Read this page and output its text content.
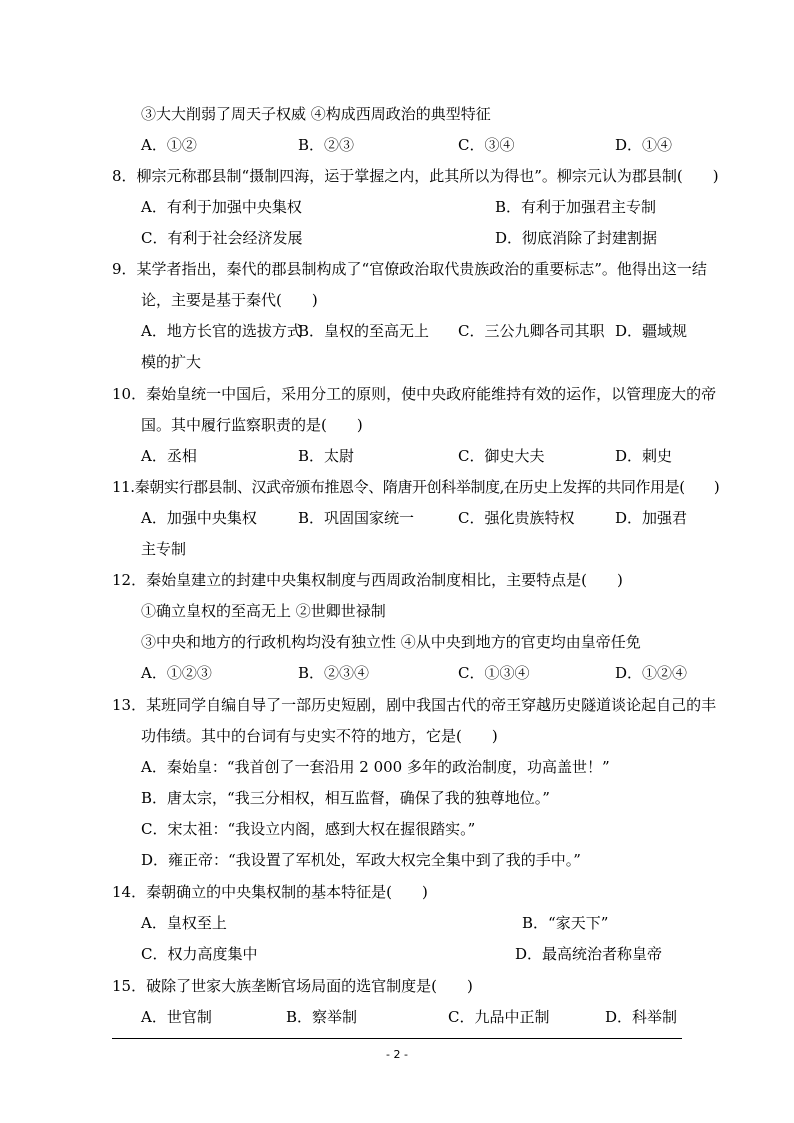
③大大削弱了周天子权威 ④构成西周政治的典型特征
A．①②	B．②③	C．③④	D．①④
8．柳宗元称郡县制“摄制四海，运于掌握之内，此其所以为得也”。柳宗元认为郡县制(　　)
A．有利于加强中央集权	B．有利于加强君主专制
C．有利于社会经济发展	D．彻底消除了封建割据
9．某学者指出，秦代的郡县制构成了“官僚政治取代贵族政治的重要标志”。他得出这一结
论，主要是基于秦代(　　)
A．地方长官的选拔方式
B．皇权的至高无上 C．三公九卿各司其职 D．疆域规
模的扩大
10．秦始皇统一中国后，采用分工的原则，使中央政府能维持有效的运作，以管理庞大的帝
国。其中履行监察职责的是(　　)
A．丞相	B．太尉	C．御史大夫	D．刺史
11.秦朝实行郡县制、汉武帝颁布推恩令、隋唐开创科举制度,在历史上发挥的共同作用是(　　)
A．加强中央集权	B．巩固国家统一	C．强化贵族特权	D．加强君
主专制
12．秦始皇建立的封建中央集权制度与西周政治制度相比，主要特点是(　　)
①确立皇权的至高无上 ②世卿世禄制
③中央和地方的行政机构均没有独立性 ④从中央到地方的官吏均由皇帝任免
A．①②③	B．②③④	C．①③④	D．①②④
13．某班同学自编自导了一部历史短剧，剧中我国古代的帝王穿越历史隧道谈论起自己的丰
功伟绩。其中的台词有与史实不符的地方，它是(　　)
A．秦始皇：“我首创了一套沿用 2 000 多年的政治制度，功高盖世！”
B．唐太宗，“我三分相权，相互监督，确保了我的独尊地位。”
C．宋太祖：“我设立内阁，感到大权在握很踏实。”
D．雍正帝：“我设置了军机处，军政大权完全集中到了我的手中。”
14．秦朝确立的中央集权制的基本特征是(　　)
A．皇权至上	B．“家天下”
C．权力高度集中	D．最高统治者称皇帝
15．破除了世家大族垄断官场局面的选官制度是(　　)
A．世官制	B．察举制	C．九品中正制	D．科举制
- 2 -
